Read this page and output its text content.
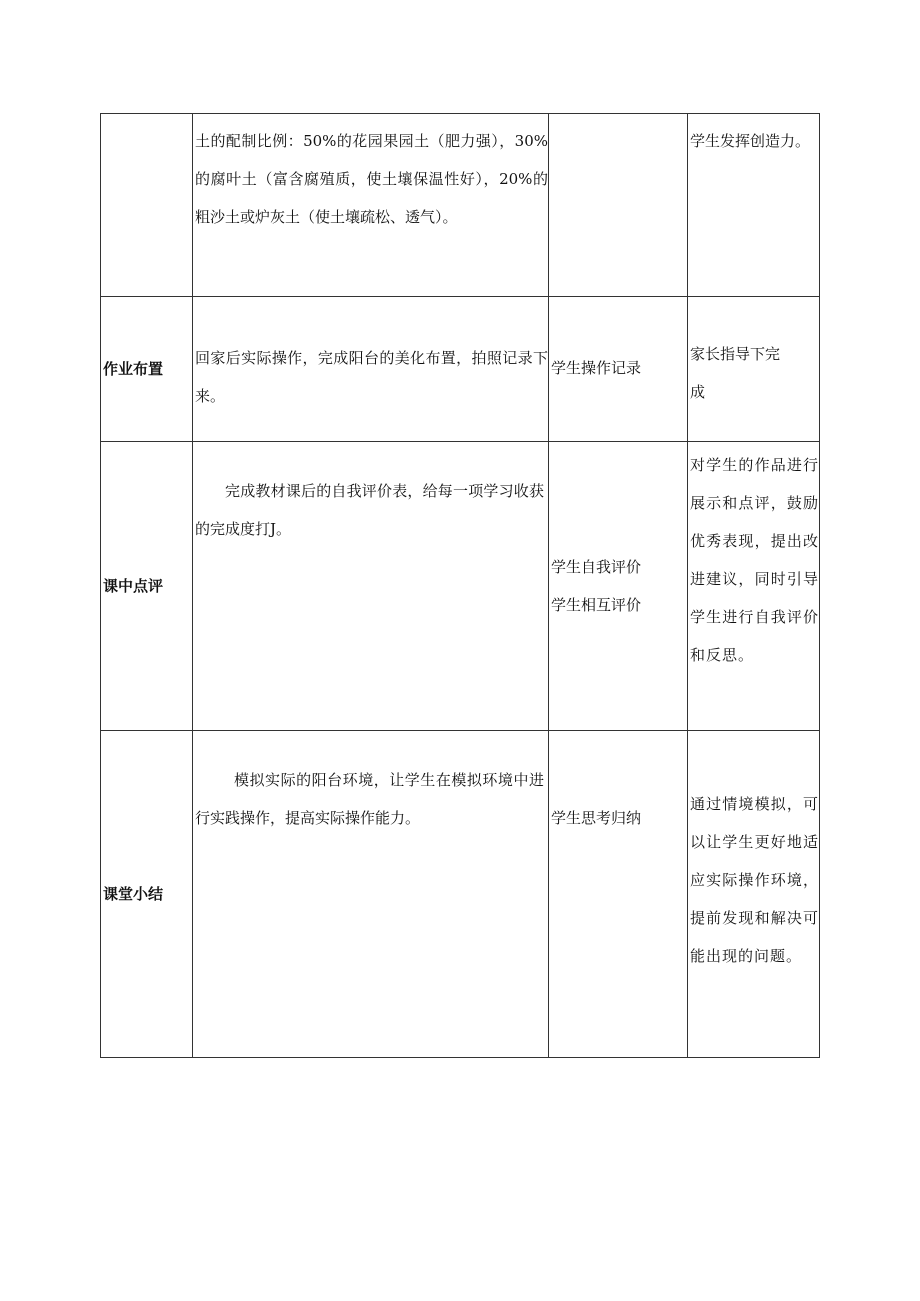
	土的配制比例：50%的花园果园土（肥力强），30%的腐叶土（富含腐殖质，使土壤保温性好），20%的粗沙土或炉灰土（使土壤疏松、透气）。		学生发挥创造力。

作业布置	回家后实际操作，完成阳台的美化布置，拍照记录下来。	学生操作记录	家长指导下完
成

课中点评	完成教材课后的自我评价表，给每一项学习收获的完成度打J。	学生自我评价
学生相互评价	对学生的作品进行展示和点评，鼓励优秀表现，提出改进建议，同时引导学生进行自我评价和反思。

课堂小结	模拟实际的阳台环境，让学生在模拟环境中进行实践操作，提高实际操作能力。	学生思考归纳	通过情境模拟，可以让学生更好地适应实际操作环境，提前发现和解决可能出现的问题。
